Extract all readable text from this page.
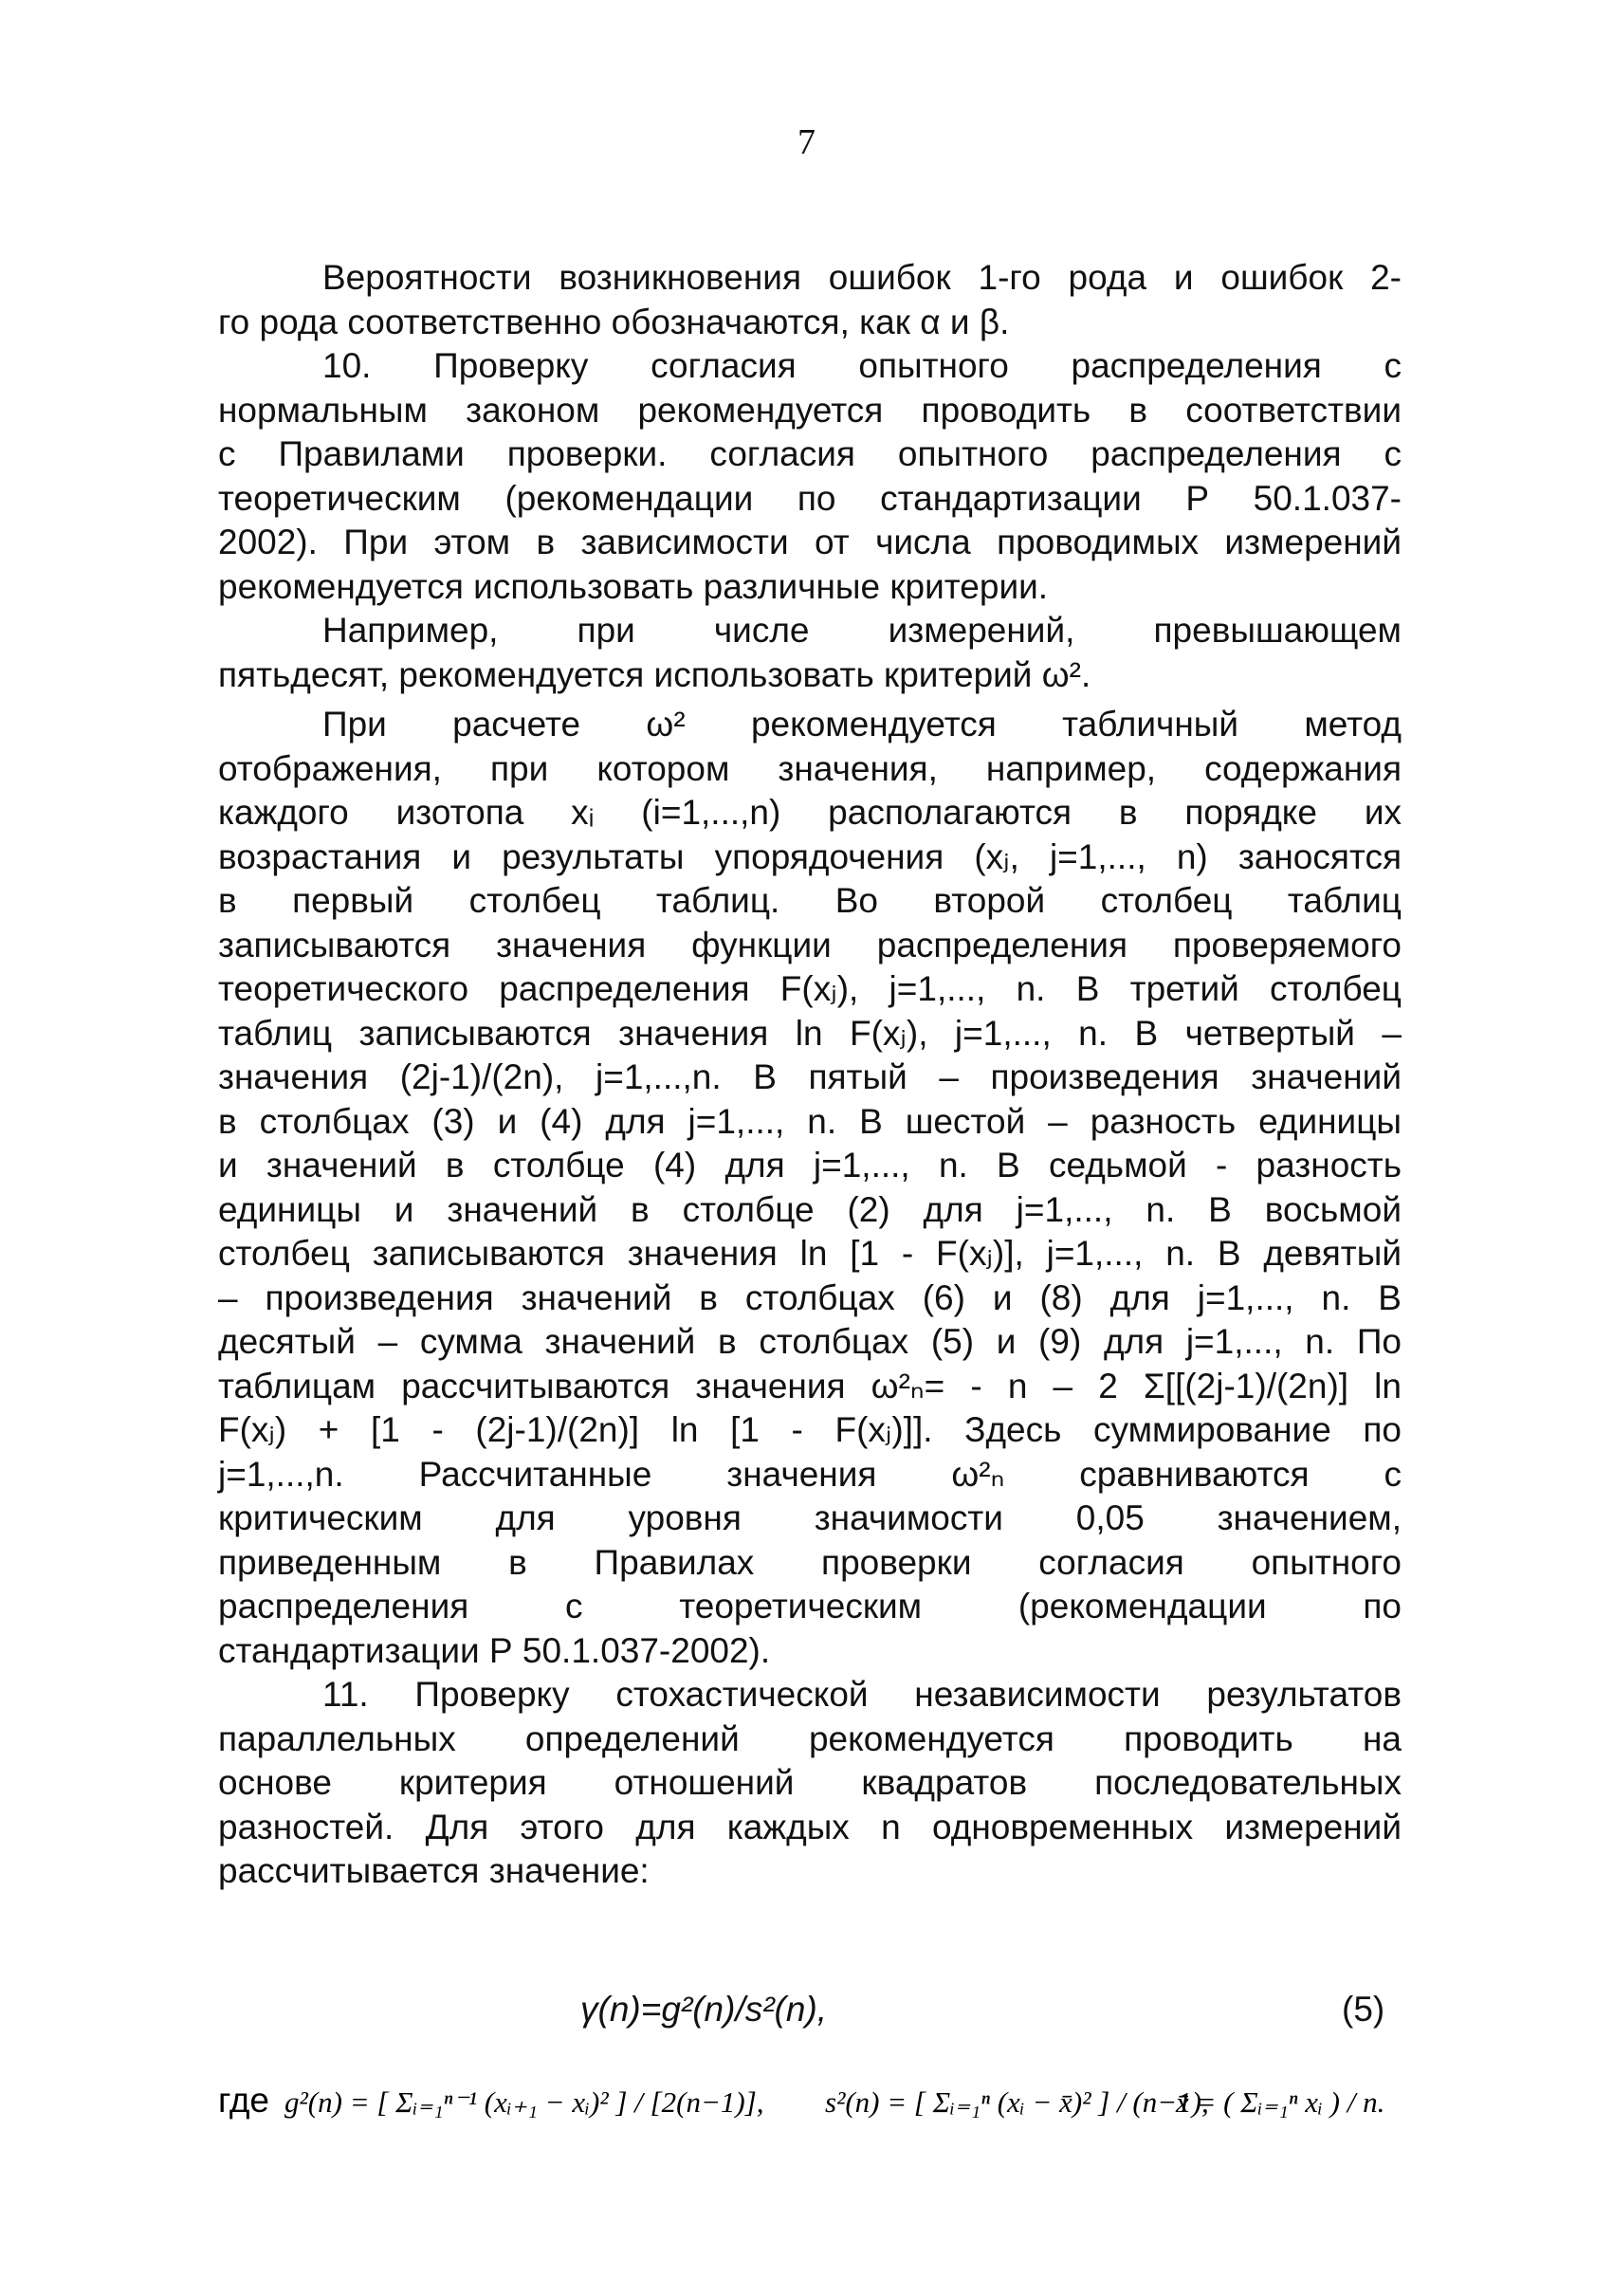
7
Вероятности возникновения ошибок 1-го рода и ошибок 2-
го рода соответственно обозначаются, как α и β.
10. Проверку согласия опытного распределения с
нормальным законом рекомендуется проводить в соответствии
с Правилами проверки. согласия опытного распределения с
теоретическим (рекомендации по стандартизации Р 50.1.037-
2002). При этом в зависимости от числа проводимых измерений
рекомендуется использовать различные критерии.
Например, при числе измерений, превышающем
пятьдесят, рекомендуется использовать критерий ω².
При расчете ω² рекомендуется табличный метод
отображения, при котором значения, например, содержания
каждого изотопа xᵢ (i=1,...,n) располагаются в порядке их
возрастания и результаты упорядочения (xⱼ, j=1,..., n) заносятся
в первый столбец таблиц. Во второй столбец таблиц
записываются значения функции распределения проверяемого
теоретического распределения F(xⱼ), j=1,..., n. В третий столбец
таблиц записываются значения ln F(xⱼ), j=1,..., n. В четвертый –
значения (2j-1)/(2n), j=1,...,n. В пятый – произведения значений
в столбцах (3) и (4) для j=1,..., n. В шестой – разность единицы
и значений в столбце (4) для j=1,..., n. В седьмой - разность
единицы и значений в столбце (2) для j=1,..., n. В восьмой
столбец записываются значения ln [1 - F(xⱼ)], j=1,..., n. В девятый
– произведения значений в столбцах (6) и (8) для j=1,..., n. В
десятый – сумма значений в столбцах (5) и (9) для j=1,..., n. По
таблицам рассчитываются значения ω²ₙ= - n – 2 Σ[[(2j-1)/(2n)] ln
F(xⱼ) + [1 - (2j-1)/(2n)] ln [1 - F(xⱼ)]]. Здесь суммирование по
j=1,...,n. Рассчитанные значения ω²ₙ сравниваются с
критическим для уровня значимости 0,05 значением,
приведенным в Правилах проверки согласия опытного
распределения с теоретическим (рекомендации по
стандартизации Р 50.1.037-2002).
11. Проверку стохастической независимости результатов
параллельных определений рекомендуется проводить на
основе критерия отношений квадратов последовательных
разностей. Для этого для каждых n одновременных измерений
рассчитывается значение:
γ(n)=g²(n)/s²(n),	(5)
где g²(n) = [ Σᵢ₌₁ⁿ⁻¹ (xᵢ₊₁ − xᵢ)² ] / [2(n−1)], s²(n) = [ Σᵢ₌₁ⁿ (xᵢ − x̄)² ] / (n−1),
x̄ = ( Σᵢ₌₁ⁿ xᵢ ) / n.
